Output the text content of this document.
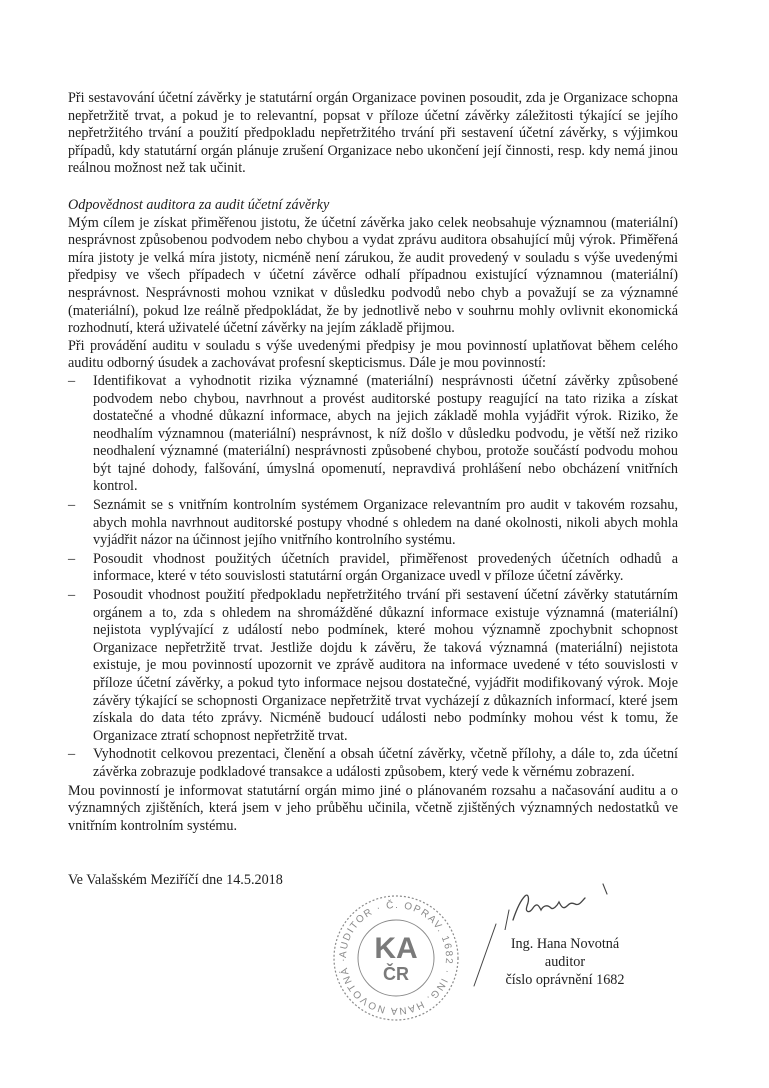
Při sestavování účetní závěrky je statutární orgán Organizace povinen posoudit, zda je Organizace schopna nepřetržitě trvat, a pokud je to relevantní, popsat v příloze účetní závěrky záležitosti týkající se jejího nepřetržitého trvání a použití předpokladu nepřetržitého trvání při sestavení účetní závěrky, s výjimkou případů, kdy statutární orgán plánuje zrušení Organizace nebo ukončení její činnosti, resp. kdy nemá jinou reálnou možnost než tak učinit.

Odpovědnost auditora za audit účetní závěrky

Mým cílem je získat přiměřenou jistotu, že účetní závěrka jako celek neobsahuje významnou (materiální) nesprávnost způsobenou podvodem nebo chybou a vydat zprávu auditora obsahující můj výrok. Přiměřená míra jistoty je velká míra jistoty, nicméně není zárukou, že audit provedený v souladu s výše uvedenými předpisy ve všech případech v účetní závěrce odhalí případnou existující významnou (materiální) nesprávnost. Nesprávnosti mohou vznikat v důsledku podvodů nebo chyb a považují se za významné (materiální), pokud lze reálně předpokládat, že by jednotlivě nebo v souhrnu mohly ovlivnit ekonomická rozhodnutí, která uživatelé účetní závěrky na jejím základě přijmou.

Při provádění auditu v souladu s výše uvedenými předpisy je mou povinností uplatňovat během celého auditu odborný úsudek a zachovávat profesní skepticismus. Dále je mou povinností:

– Identifikovat a vyhodnotit rizika významné (materiální) nesprávnosti účetní závěrky způsobené podvodem nebo chybou, navrhnout a provést auditorské postupy reagující na tato rizika a získat dostatečné a vhodné důkazní informace, abych na jejich základě mohla vyjádřit výrok. Riziko, že neodhalím významnou (materiální) nesprávnost, k níž došlo v důsledku podvodu, je větší než riziko neodhalení významné (materiální) nesprávnosti způsobené chybou, protože součástí podvodu mohou být tajné dohody, falšování, úmyslná opomenutí, nepravdivá prohlášení nebo obcházení vnitřních kontrol.
– Seznámit se s vnitřním kontrolním systémem Organizace relevantním pro audit v takovém rozsahu, abych mohla navrhnout auditorské postupy vhodné s ohledem na dané okolnosti, nikoli abych mohla vyjádřit názor na účinnost jejího vnitřního kontrolního systému.
– Posoudit vhodnost použitých účetních pravidel, přiměřenost provedených účetních odhadů a informace, které v této souvislosti statutární orgán Organizace uvedl v příloze účetní závěrky.
– Posoudit vhodnost použití předpokladu nepřetržitého trvání při sestavení účetní závěrky statutárním orgánem a to, zda s ohledem na shromážděné důkazní informace existuje významná (materiální) nejistota vyplývající z událostí nebo podmínek, které mohou významně zpochybnit schopnost Organizace nepřetržitě trvat. Jestliže dojdu k závěru, že taková významná (materiální) nejistota existuje, je mou povinností upozornit ve zprávě auditora na informace uvedené v této souvislosti v příloze účetní závěrky, a pokud tyto informace nejsou dostatečné, vyjádřit modifikovaný výrok. Moje závěry týkající se schopnosti Organizace nepřetržitě trvat vycházejí z důkazních informací, které jsem získala do data této zprávy. Nicméně budoucí události nebo podmínky mohou vést k tomu, že Organizace ztratí schopnost nepřetržitě trvat.
– Vyhodnotit celkovou prezentaci, členění a obsah účetní závěrky, včetně přílohy, a dále to, zda účetní závěrka zobrazuje podkladové transakce a události způsobem, který vede k věrnému zobrazení.

Mou povinností je informovat statutární orgán mimo jiné o plánovaném rozsahu a načasování auditu a o významných zjištěních, která jsem v jeho průběhu učinila, včetně zjištěných významných nedostatků ve vnitřním kontrolním systému.

Ve Valašském Meziříčí dne 14.5.2018
AUDITOR · Č. OPRAV. 1682 · ING. HANA NOVOTNÁ · KA
ČR
Ing. Hana Novotná
auditor
číslo oprávnění 1682
